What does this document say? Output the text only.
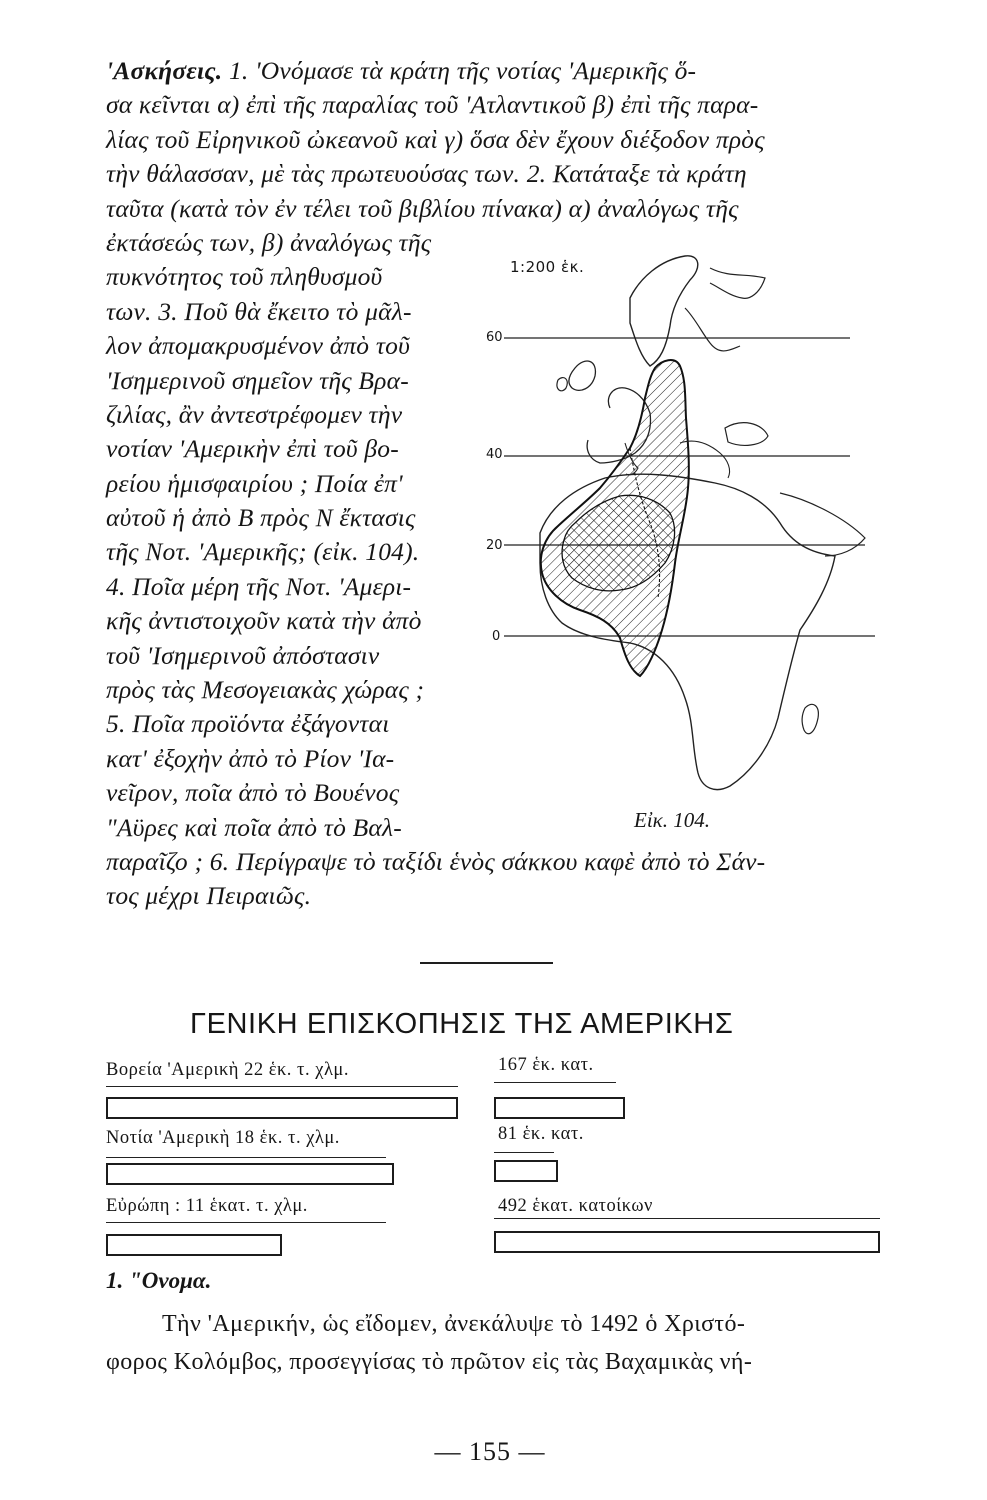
'Ασκήσεις. 1. 'Ονόμασε τὰ κράτη τῆς νοτίας 'Αμερικῆς ὅ-
σα κεῖνται α) ἐπὶ τῆς παραλίας τοῦ 'Ατλαντικοῦ β) ἐπὶ τῆς παρα-
λίας τοῦ Εἰρηνικοῦ ὠκεανοῦ καὶ γ) ὅσα δὲν ἔχουν διέξοδον πρὸς
τὴν θάλασσαν, μὲ τὰς πρωτευούσας των. 2. Κατάταξε τὰ κράτη
ταῦτα (κατὰ τὸν ἐν τέλει τοῦ βιβλίου πίνακα) α) ἀναλόγως τῆς
ἐκτάσεώς των, β) ἀναλόγως τῆς
πυκνότητος τοῦ πληθυσμοῦ
των. 3. Ποῦ θὰ ἔκειτο τὸ μᾶλ-
λον ἀπομακρυσμένον ἀπὸ τοῦ
'Ισημερινοῦ σημεῖον τῆς Βρα-
ζιλίας, ἂν ἀντεστρέφομεν τὴν
νοτίαν 'Αμερικὴν ἐπὶ τοῦ βο-
ρείου ἡμισφαιρίου ; Ποία ἐπ'
αὐτοῦ ἡ ἀπὸ Β πρὸς Ν ἔκτασις
τῆς Νοτ. 'Αμερικῆς; (εἰκ. 104).
4. Ποῖα μέρη τῆς Νοτ. 'Αμερι-
κῆς ἀντιστοιχοῦν κατὰ τὴν ἀπὸ
τοῦ 'Ισημερινοῦ ἀπόστασιν
πρὸς τὰς Μεσογειακὰς χώρας ;
5. Ποῖα προϊόντα ἐξάγονται
κατ' ἐξοχὴν ἀπὸ τὸ Ρίον 'Ια-
νεῖρον, ποῖα ἀπὸ τὸ Βουένος
"Αϋρες καὶ ποῖα ἀπὸ τὸ Βαλ-
παραῖζο ; 6. Περίγραψε τὸ ταξίδι ἑνὸς σάκκου καφὲ ἀπὸ τὸ Σάν-
τος μέχρι Πειραιῶς.
1:200 ἑκ.
60
40
20
0
Εἰκ. 104.
ΓΕΝΙΚΗ ΕΠΙΣΚΟΠΗΣΙΣ ΤΗΣ ΑΜΕΡΙΚΗΣ
Βορεία 'Αμερικὴ 22 ἑκ. τ. χλμ.	167 ἑκ. κατ.
Νοτία 'Αμερικὴ 18 ἑκ. τ. χλμ.	81 ἑκ. κατ.
Εὐρώπη : 11 ἑκατ. τ. χλμ.	492 ἑκατ. κατοίκων
1. "Ονομα.
Τὴν 'Αμερικήν, ὡς εἴδομεν, ἀνεκάλυψε τὸ 1492 ὁ Χριστό-
φορος Κολόμβος, προσεγγίσας τὸ πρῶτον εἰς τὰς Βαχαμικὰς νή-
— 155 —
